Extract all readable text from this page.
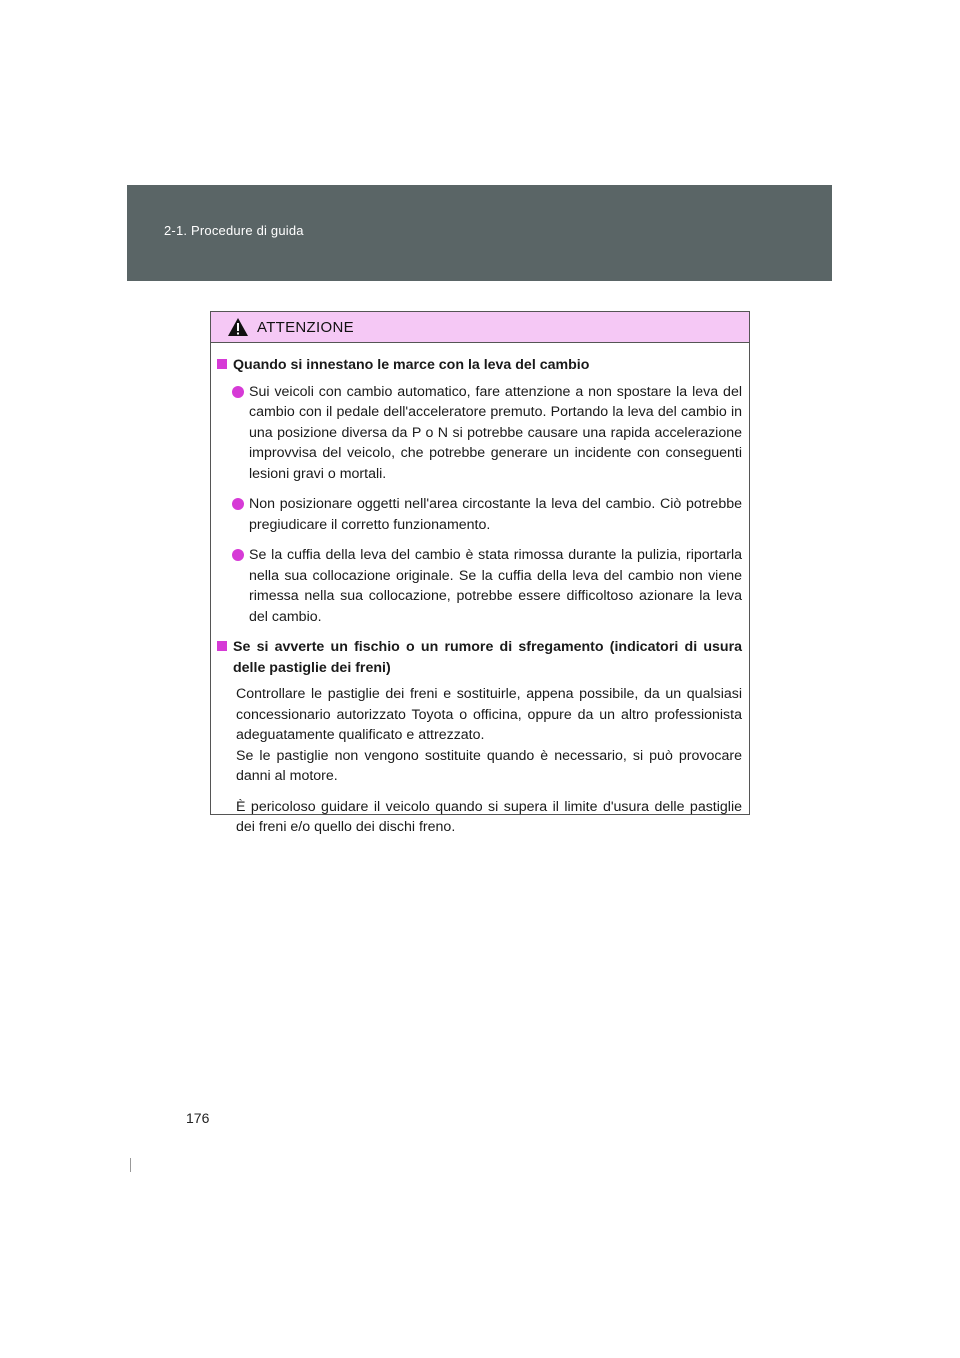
2-1. Procedure di guida
ATTENZIONE
Quando si innestano le marce con la leva del cambio
Sui veicoli con cambio automatico, fare attenzione a non spostare la leva del cambio con il pedale dell'acceleratore premuto. Portando la leva del cambio in una posizione diversa da P o N si potrebbe causare una rapida accelerazione improvvisa del veicolo, che potrebbe generare un incidente con conseguenti lesioni gravi o mortali.
Non posizionare oggetti nell'area circostante la leva del cambio. Ciò potrebbe pregiudicare il corretto funzionamento.
Se la cuffia della leva del cambio è stata rimossa durante la pulizia, riportarla nella sua collocazione originale. Se la cuffia della leva del cambio non viene rimessa nella sua collocazione, potrebbe essere difficoltoso azionare la leva del cambio.
Se si avverte un fischio o un rumore di sfregamento (indicatori di usura delle pastiglie dei freni)
Controllare le pastiglie dei freni e sostituirle, appena possibile, da un qualsiasi concessionario autorizzato Toyota o officina, oppure da un altro professionista adeguatamente qualificato e attrezzato.
Se le pastiglie non vengono sostituite quando è necessario, si può provocare danni al motore.
È pericoloso guidare il veicolo quando si supera il limite d'usura delle pastiglie dei freni e/o quello dei dischi freno.
176
